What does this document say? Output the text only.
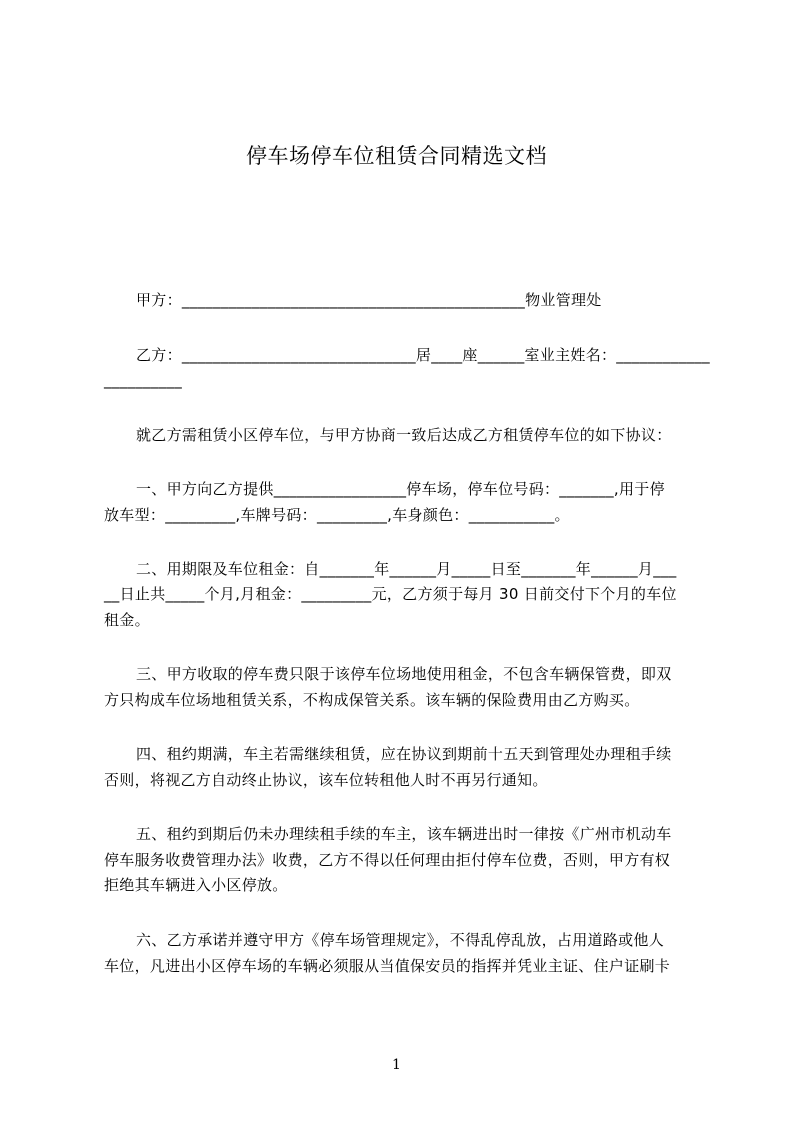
停车场停车位租赁合同精选文档
甲方：____________________________________________物业管理处
乙方：______________________________居____座______室业主姓名：____________
__________
就乙方需租赁小区停车位，与甲方协商一致后达成乙方租赁停车位的如下协议：
一、甲方向乙方提供_________________停车场，停车位号码：_______,用于停
放车型：_________,车牌号码：_________,车身颜色：___________。
二、用期限及车位租金：自_______年______月_____日至_______年______月___
__日止共_____个月,月租金：_________元，乙方须于每月 30 日前交付下个月的车位
租金。
三、甲方收取的停车费只限于该停车位场地使用租金，不包含车辆保管费，即双
方只构成车位场地租赁关系，不构成保管关系。该车辆的保险费用由乙方购买。
四、租约期满，车主若需继续租赁，应在协议到期前十五天到管理处办理租手续
否则，将视乙方自动终止协议，该车位转租他人时不再另行通知。
五、租约到期后仍未办理续租手续的车主，该车辆进出时一律按《广州市机动车
停车服务收费管理办法》收费，乙方不得以任何理由拒付停车位费，否则，甲方有权
拒绝其车辆进入小区停放。
六、乙方承诺并遵守甲方《停车场管理规定》，不得乱停乱放，占用道路或他人
车位，凡进出小区停车场的车辆必须服从当值保安员的指挥并凭业主证、住户证刷卡
1
